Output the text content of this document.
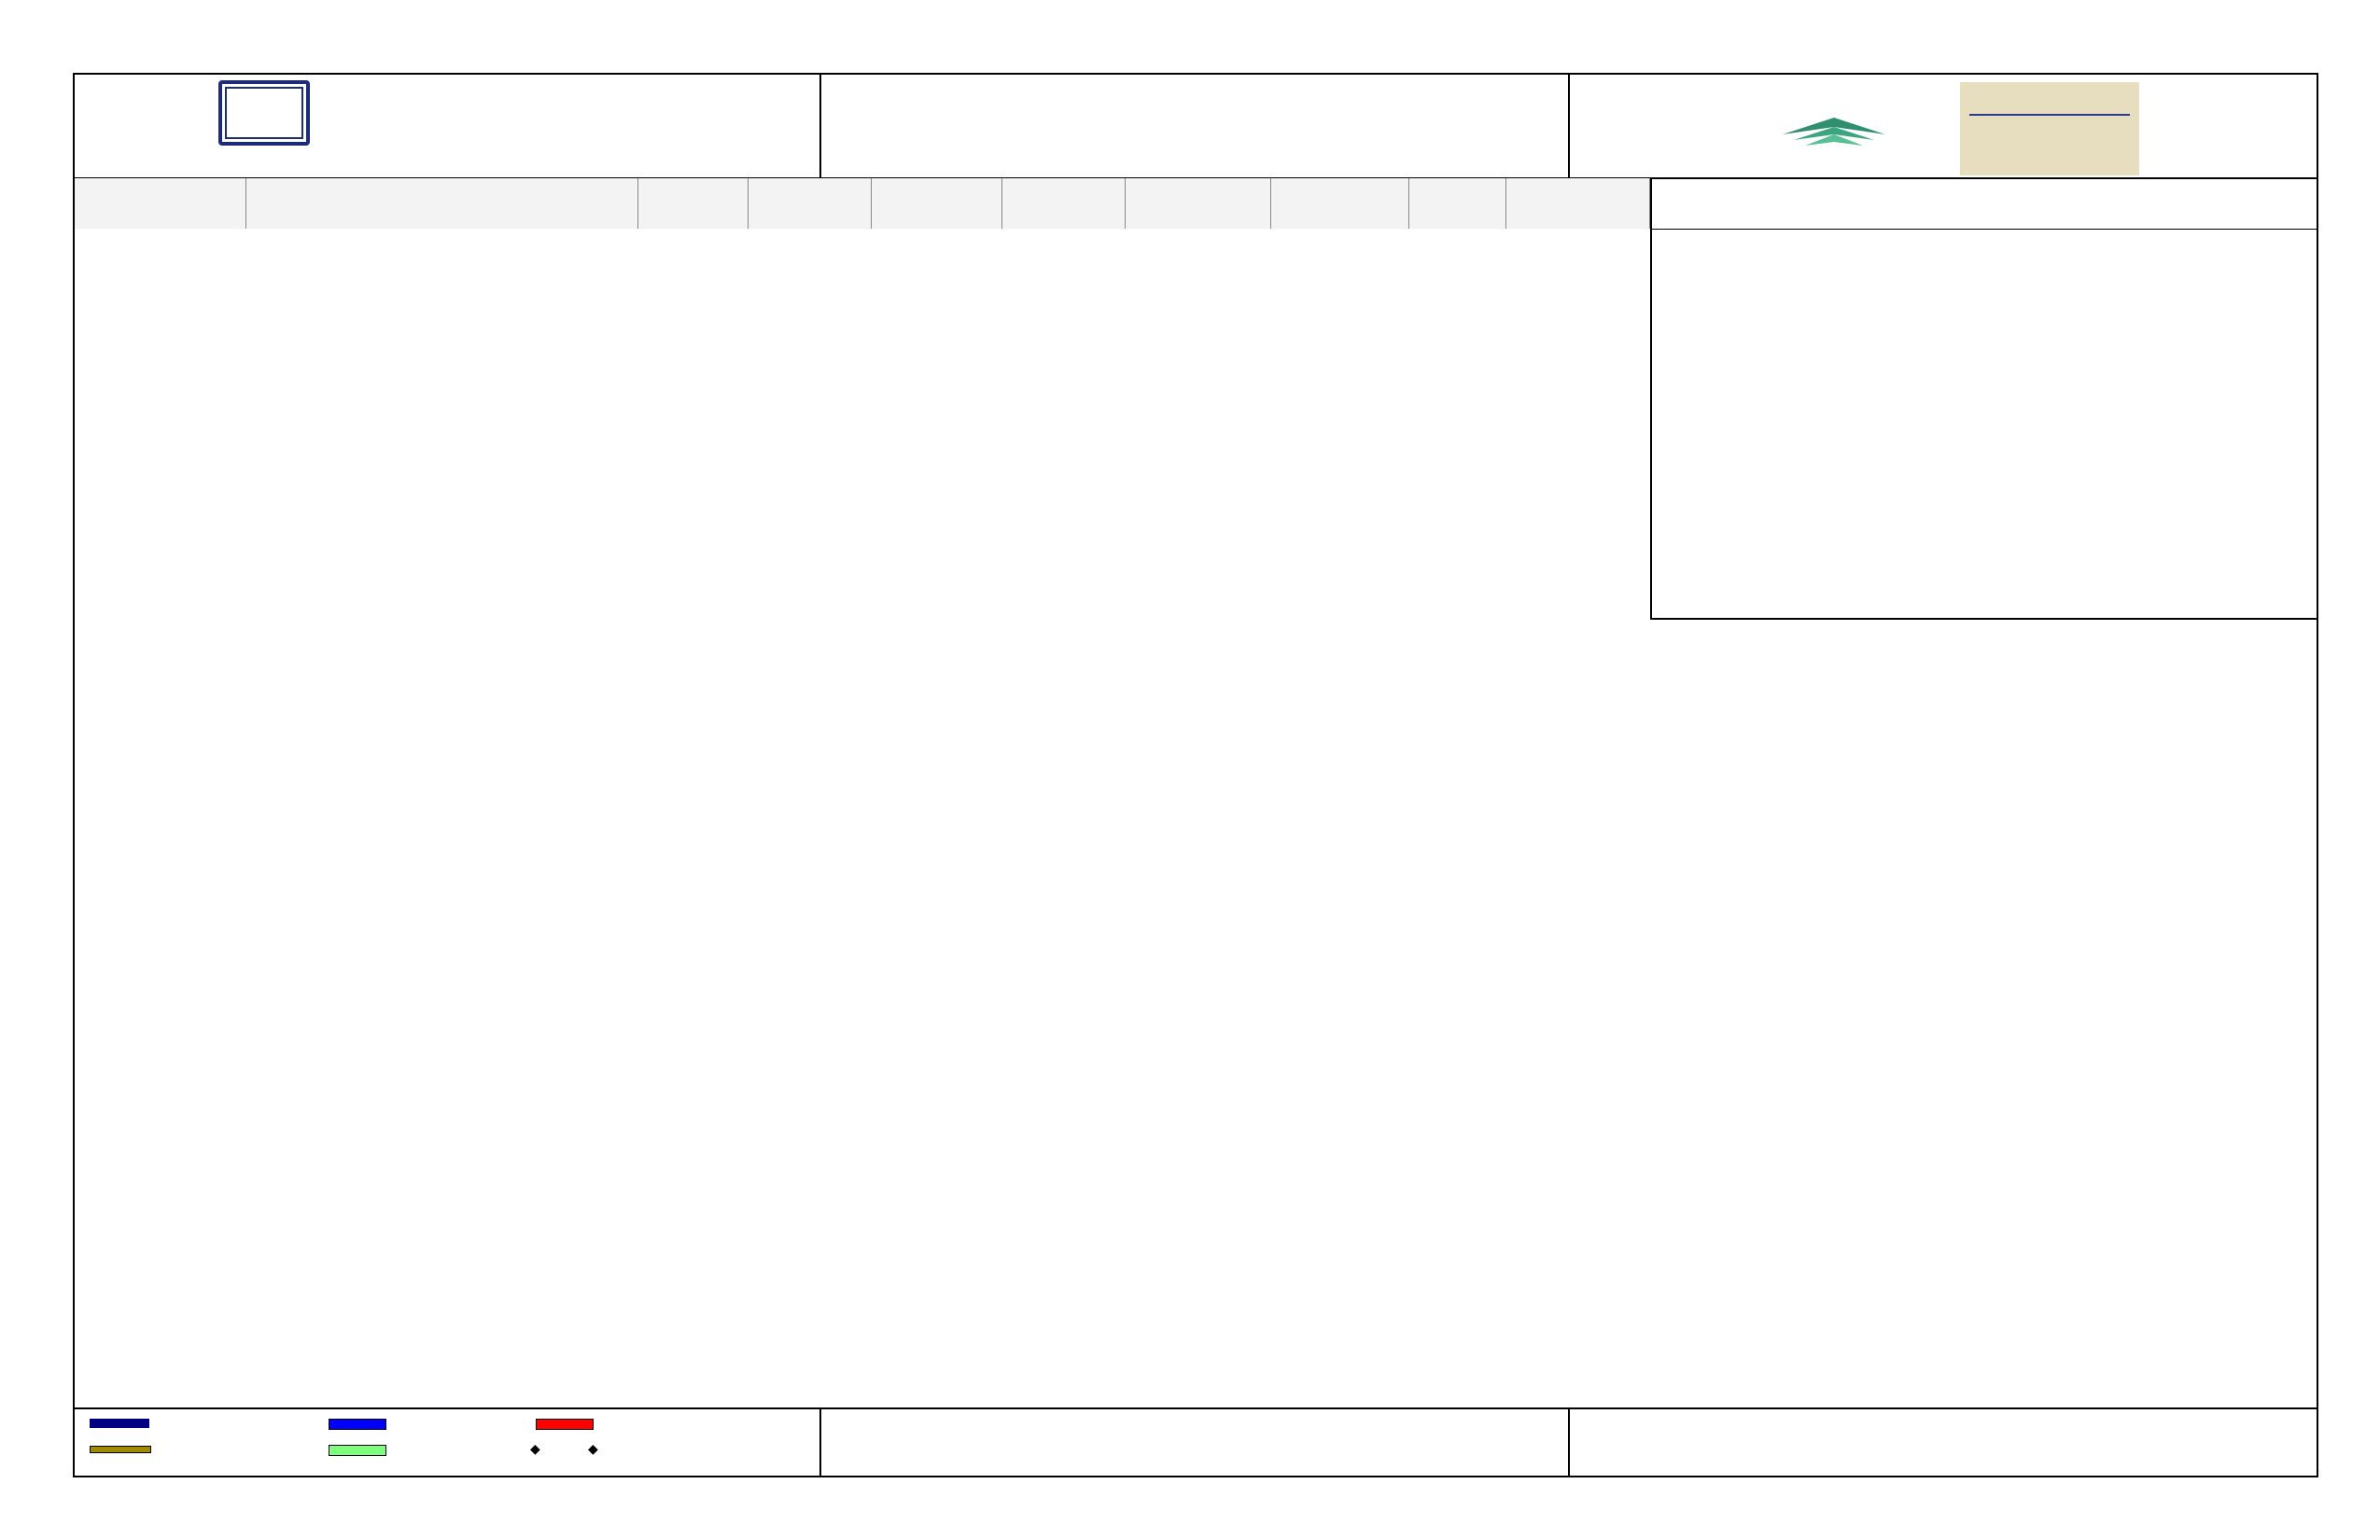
◆	◆
